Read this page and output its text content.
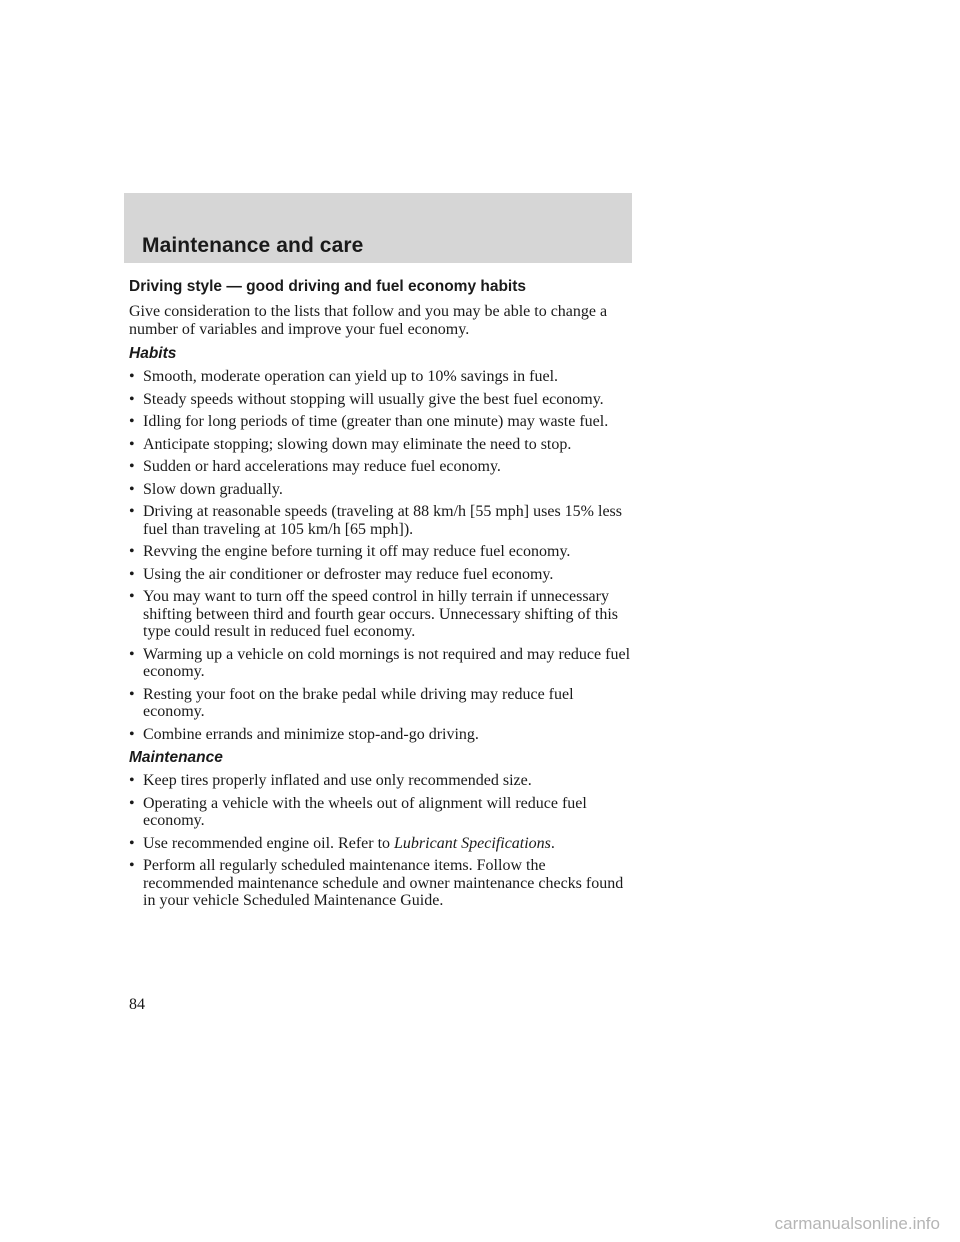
Maintenance and care
Driving style — good driving and fuel economy habits

Give consideration to the lists that follow and you may be able to change a number of variables and improve your fuel economy.

Habits
• Smooth, moderate operation can yield up to 10% savings in fuel.
• Steady speeds without stopping will usually give the best fuel economy.
• Idling for long periods of time (greater than one minute) may waste fuel.
• Anticipate stopping; slowing down may eliminate the need to stop.
• Sudden or hard accelerations may reduce fuel economy.
• Slow down gradually.
• Driving at reasonable speeds (traveling at 88 km/h [55 mph] uses 15% less fuel than traveling at 105 km/h [65 mph]).
• Revving the engine before turning it off may reduce fuel economy.
• Using the air conditioner or defroster may reduce fuel economy.
• You may want to turn off the speed control in hilly terrain if unnecessary shifting between third and fourth gear occurs. Unnecessary shifting of this type could result in reduced fuel economy.
• Warming up a vehicle on cold mornings is not required and may reduce fuel economy.
• Resting your foot on the brake pedal while driving may reduce fuel economy.
• Combine errands and minimize stop-and-go driving.
Maintenance
• Keep tires properly inflated and use only recommended size.
• Operating a vehicle with the wheels out of alignment will reduce fuel economy.
• Use recommended engine oil. Refer to Lubricant Specifications.
• Perform all regularly scheduled maintenance items. Follow the recommended maintenance schedule and owner maintenance checks found in your vehicle Scheduled Maintenance Guide.
84
carmanualsonline.info
